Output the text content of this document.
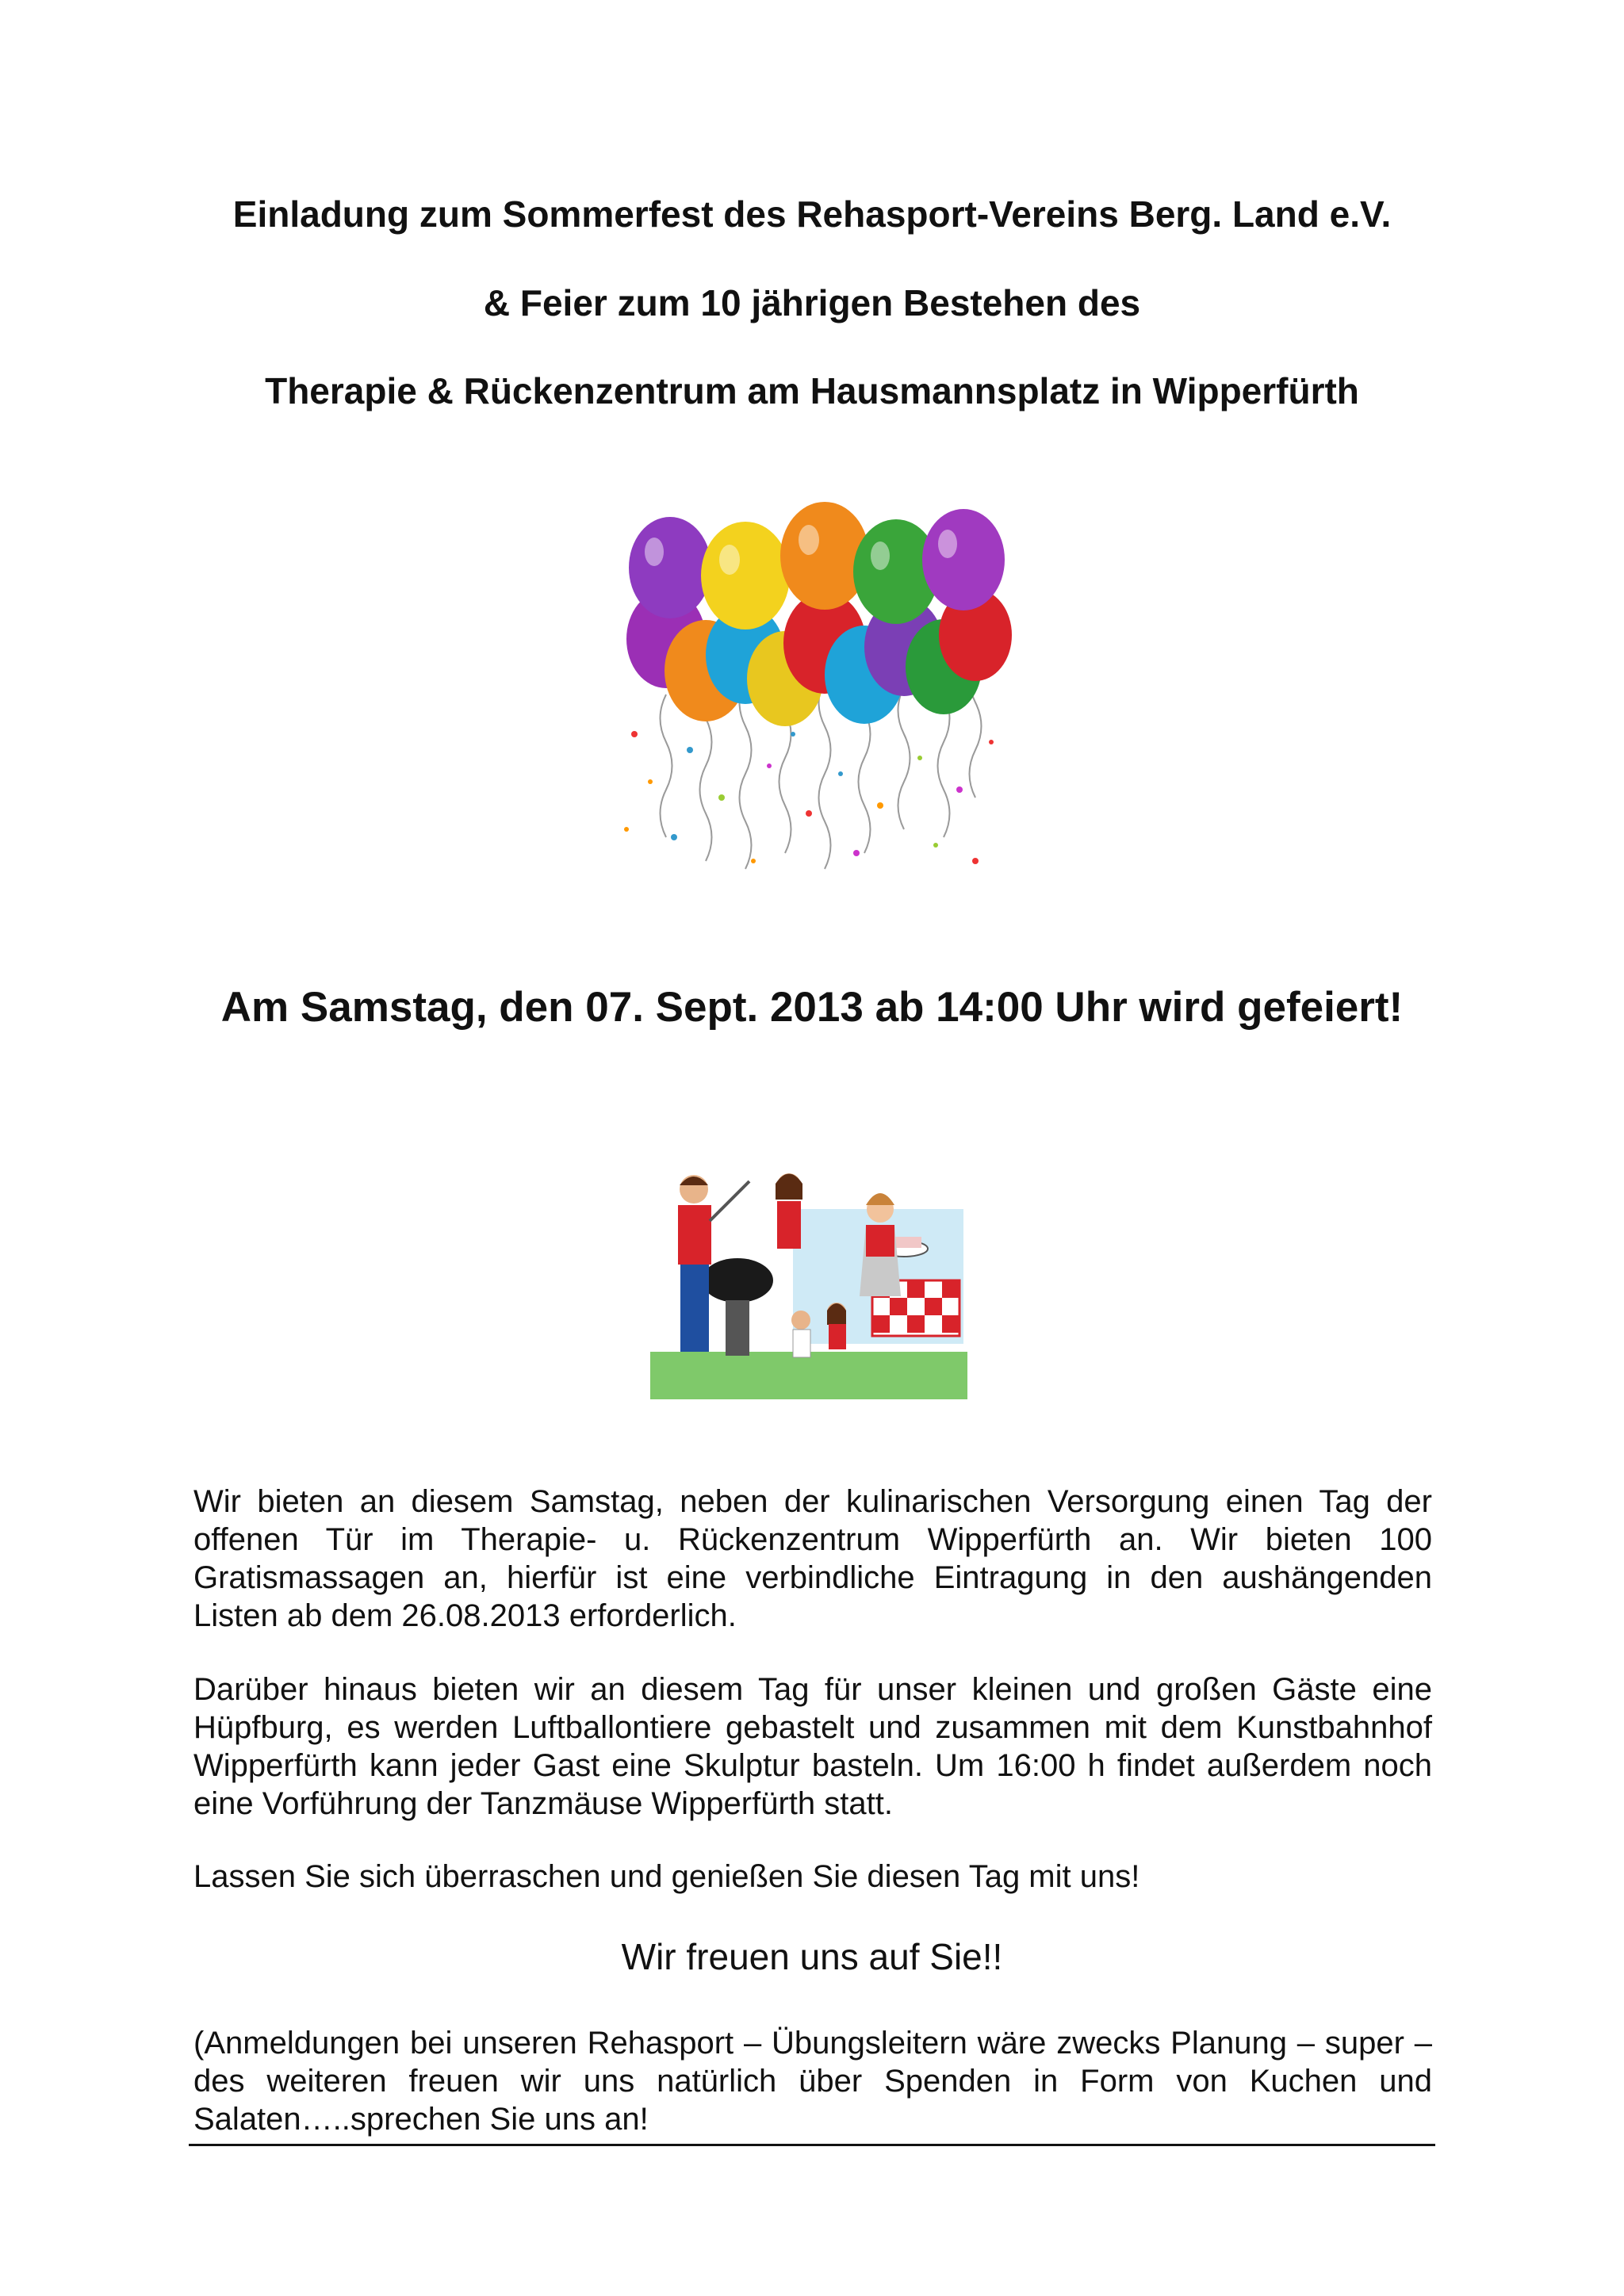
Einladung zum Sommerfest des Rehasport-Vereins Berg. Land e.V.
& Feier zum 10 jährigen Bestehen des
Therapie & Rückenzentrum am Hausmannsplatz in Wipperfürth
Am Samstag, den 07. Sept. 2013 ab 14:00 Uhr wird gefeiert!

Wir bieten an diesem Samstag, neben der kulinarischen Versorgung einen Tag der offenen Tür im Therapie- u. Rückenzentrum Wipperfürth an. Wir bieten 100 Gratismassagen an, hierfür ist eine verbindliche Eintragung in den aushängenden Listen ab dem 26.08.2013 erforderlich.

Darüber hinaus bieten wir an diesem Tag für unser kleinen und großen Gäste eine Hüpfburg, es werden Luftballontiere gebastelt und zusammen mit dem Kunstbahnhof Wipperfürth kann jeder Gast eine Skulptur basteln. Um 16:00 h findet außerdem noch eine Vorführung der Tanzmäuse Wipperfürth statt.

Lassen Sie sich überraschen und genießen Sie diesen Tag mit uns!

Wir freuen uns auf Sie!!

(Anmeldungen bei unseren Rehasport – Übungsleitern wäre zwecks Planung – super – des weiteren freuen wir uns natürlich über Spenden in Form von Kuchen und Salaten…..sprechen Sie uns an!
